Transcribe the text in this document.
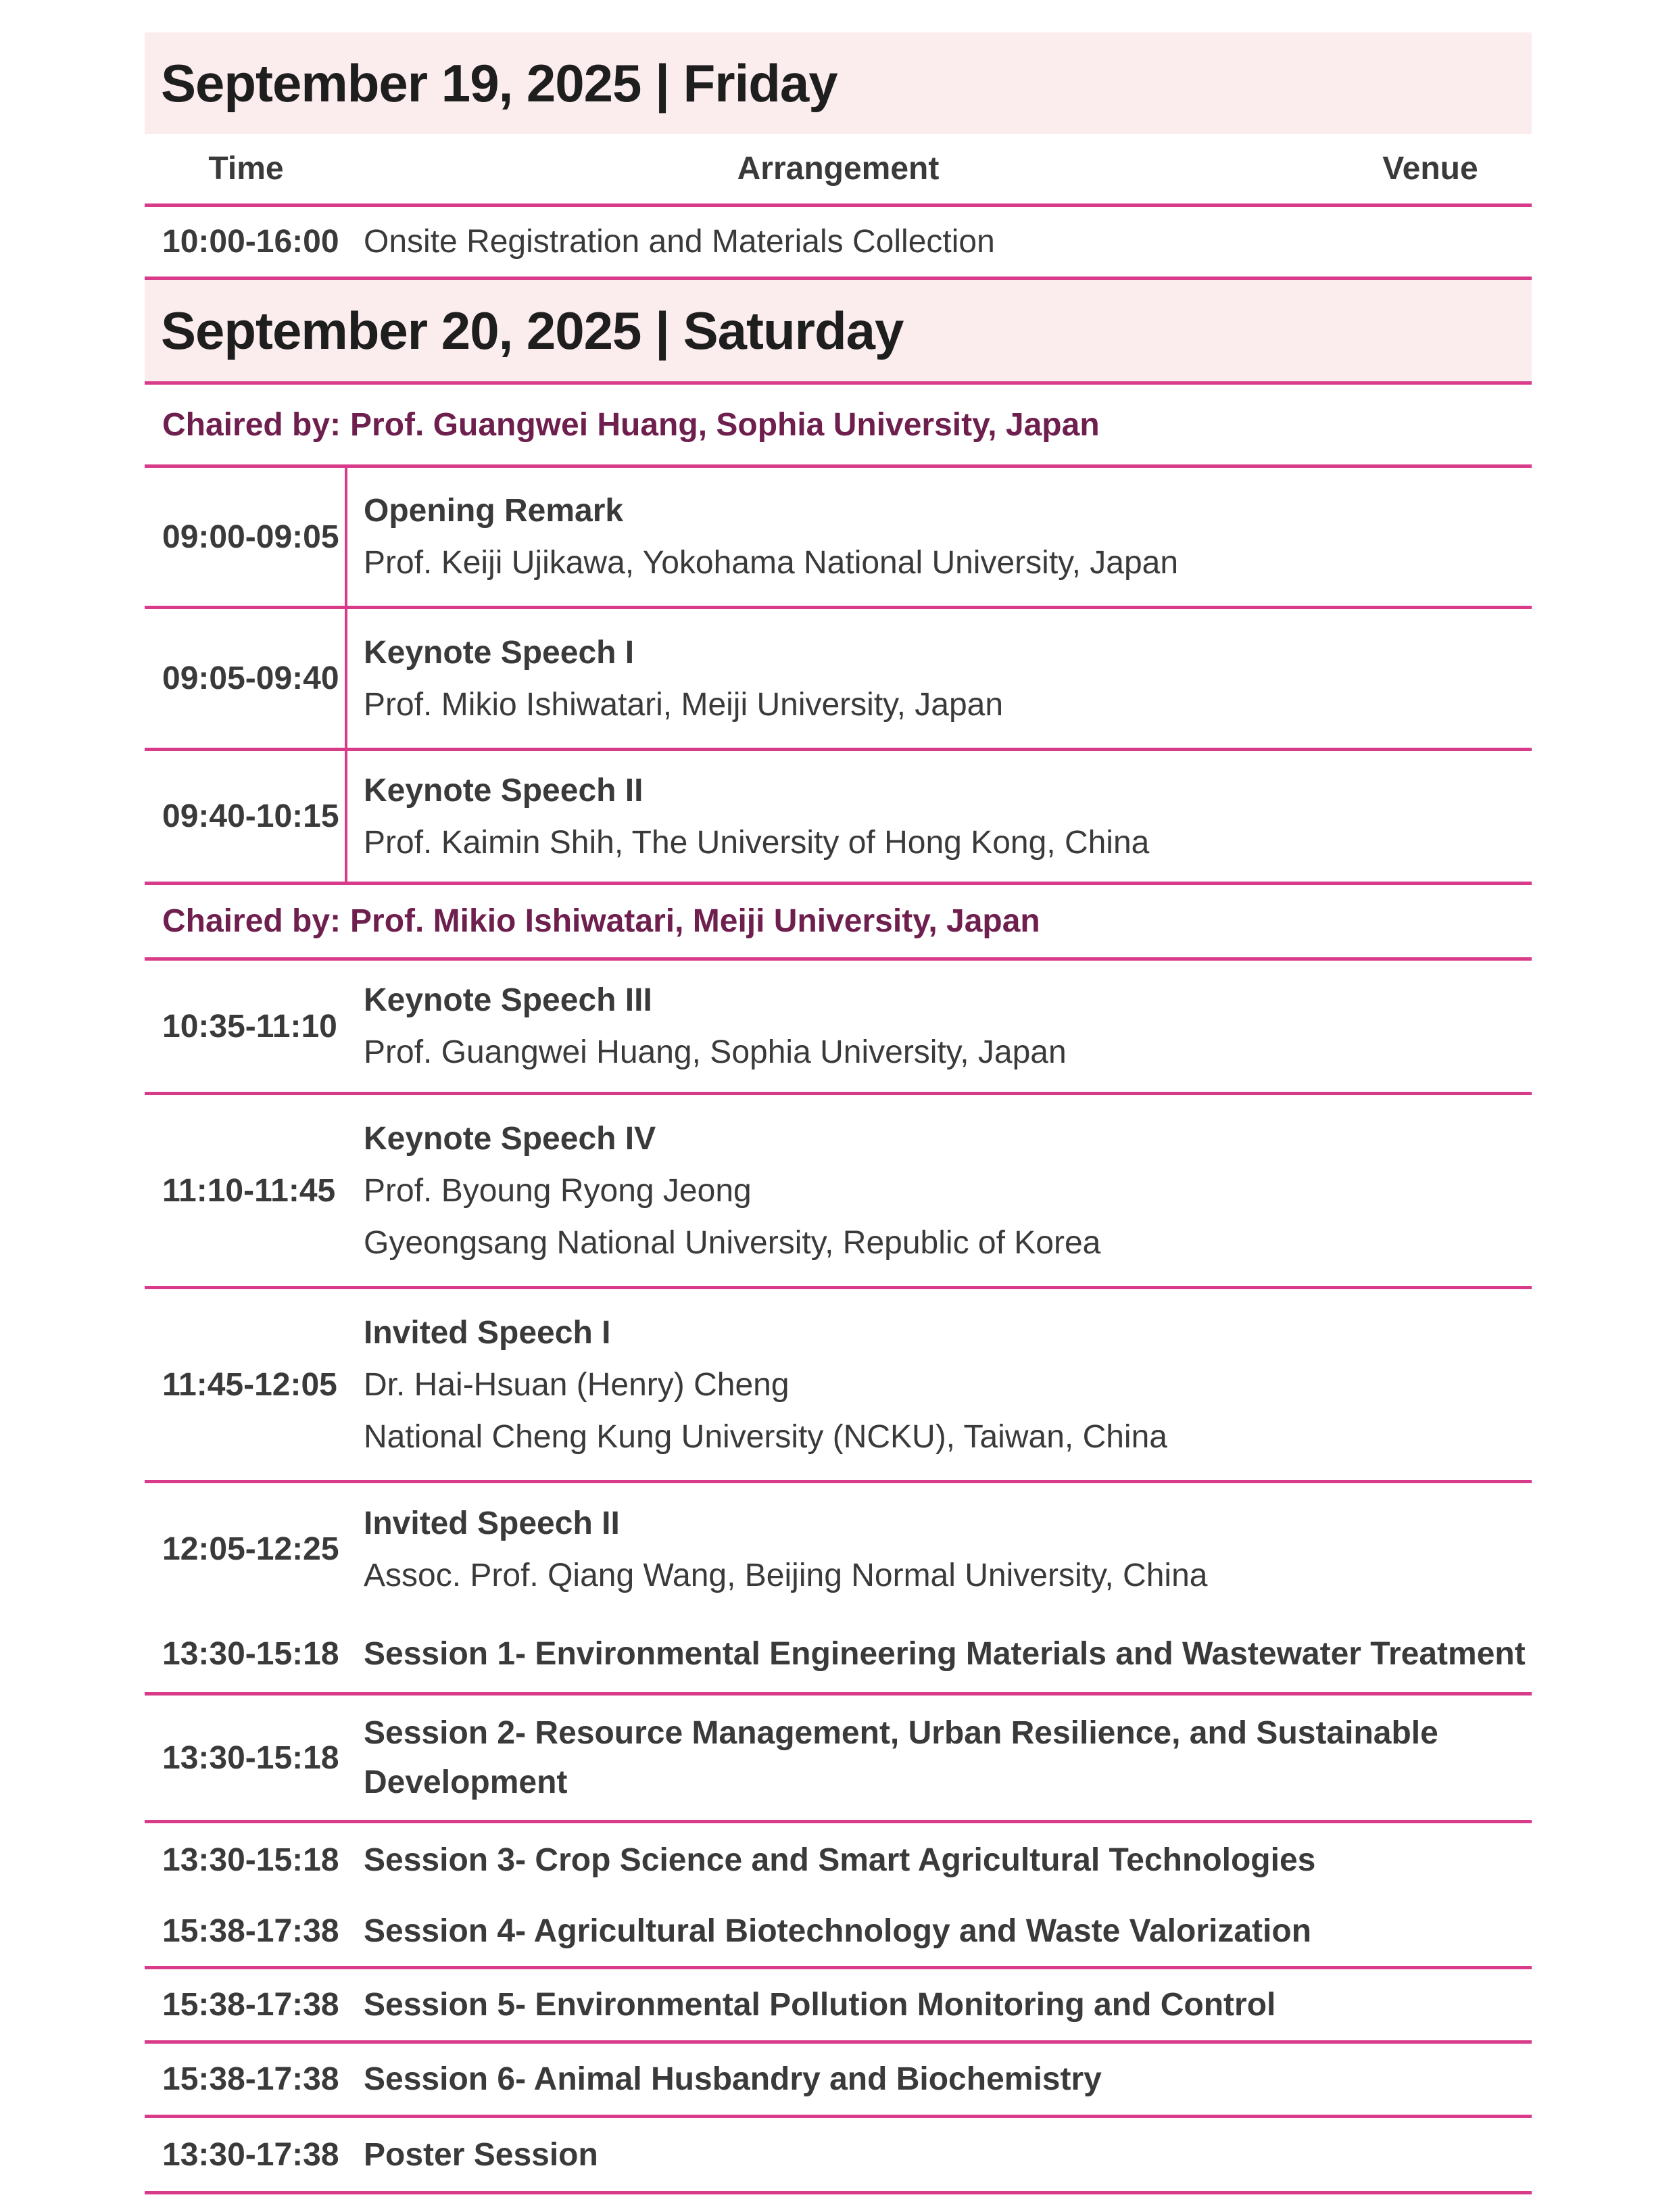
September 19, 2025 | Friday
Time	Arrangement	Venue
10:00-16:00 Onsite Registration and Materials Collection
September 20, 2025 | Saturday
Chaired by: Prof. Guangwei Huang, Sophia University, Japan
09:00-09:05
Opening Remark
Prof. Keiji Ujikawa, Yokohama National University, Japan
09:05-09:40
Keynote Speech I
Prof. Mikio Ishiwatari, Meiji University, Japan
09:40-10:15
Keynote Speech II
Prof. Kaimin Shih, The University of Hong Kong, China
Chaired by: Prof. Mikio Ishiwatari, Meiji University, Japan
10:35-11:10
Keynote Speech III
Prof. Guangwei Huang, Sophia University, Japan
11:10-11:45
Keynote Speech IV
Prof. Byoung Ryong Jeong
Gyeongsang National University, Republic of Korea
11:45-12:05
Invited Speech I
Dr. Hai-Hsuan (Henry) Cheng
National Cheng Kung University (NCKU), Taiwan, China
12:05-12:25
Invited Speech II
Assoc. Prof. Qiang Wang, Beijing Normal University, China
13:30-15:18 Session 1- Environmental Engineering Materials and Wastewater Treatment
13:30-15:18
Session 2- Resource Management, Urban Resilience, and Sustainable
Development
13:30-15:18 Session 3- Crop Science and Smart Agricultural Technologies
15:38-17:38 Session 4- Agricultural Biotechnology and Waste Valorization
15:38-17:38 Session 5- Environmental Pollution Monitoring and Control
15:38-17:38 Session 6- Animal Husbandry and Biochemistry
13:30-17:38 Poster Session
